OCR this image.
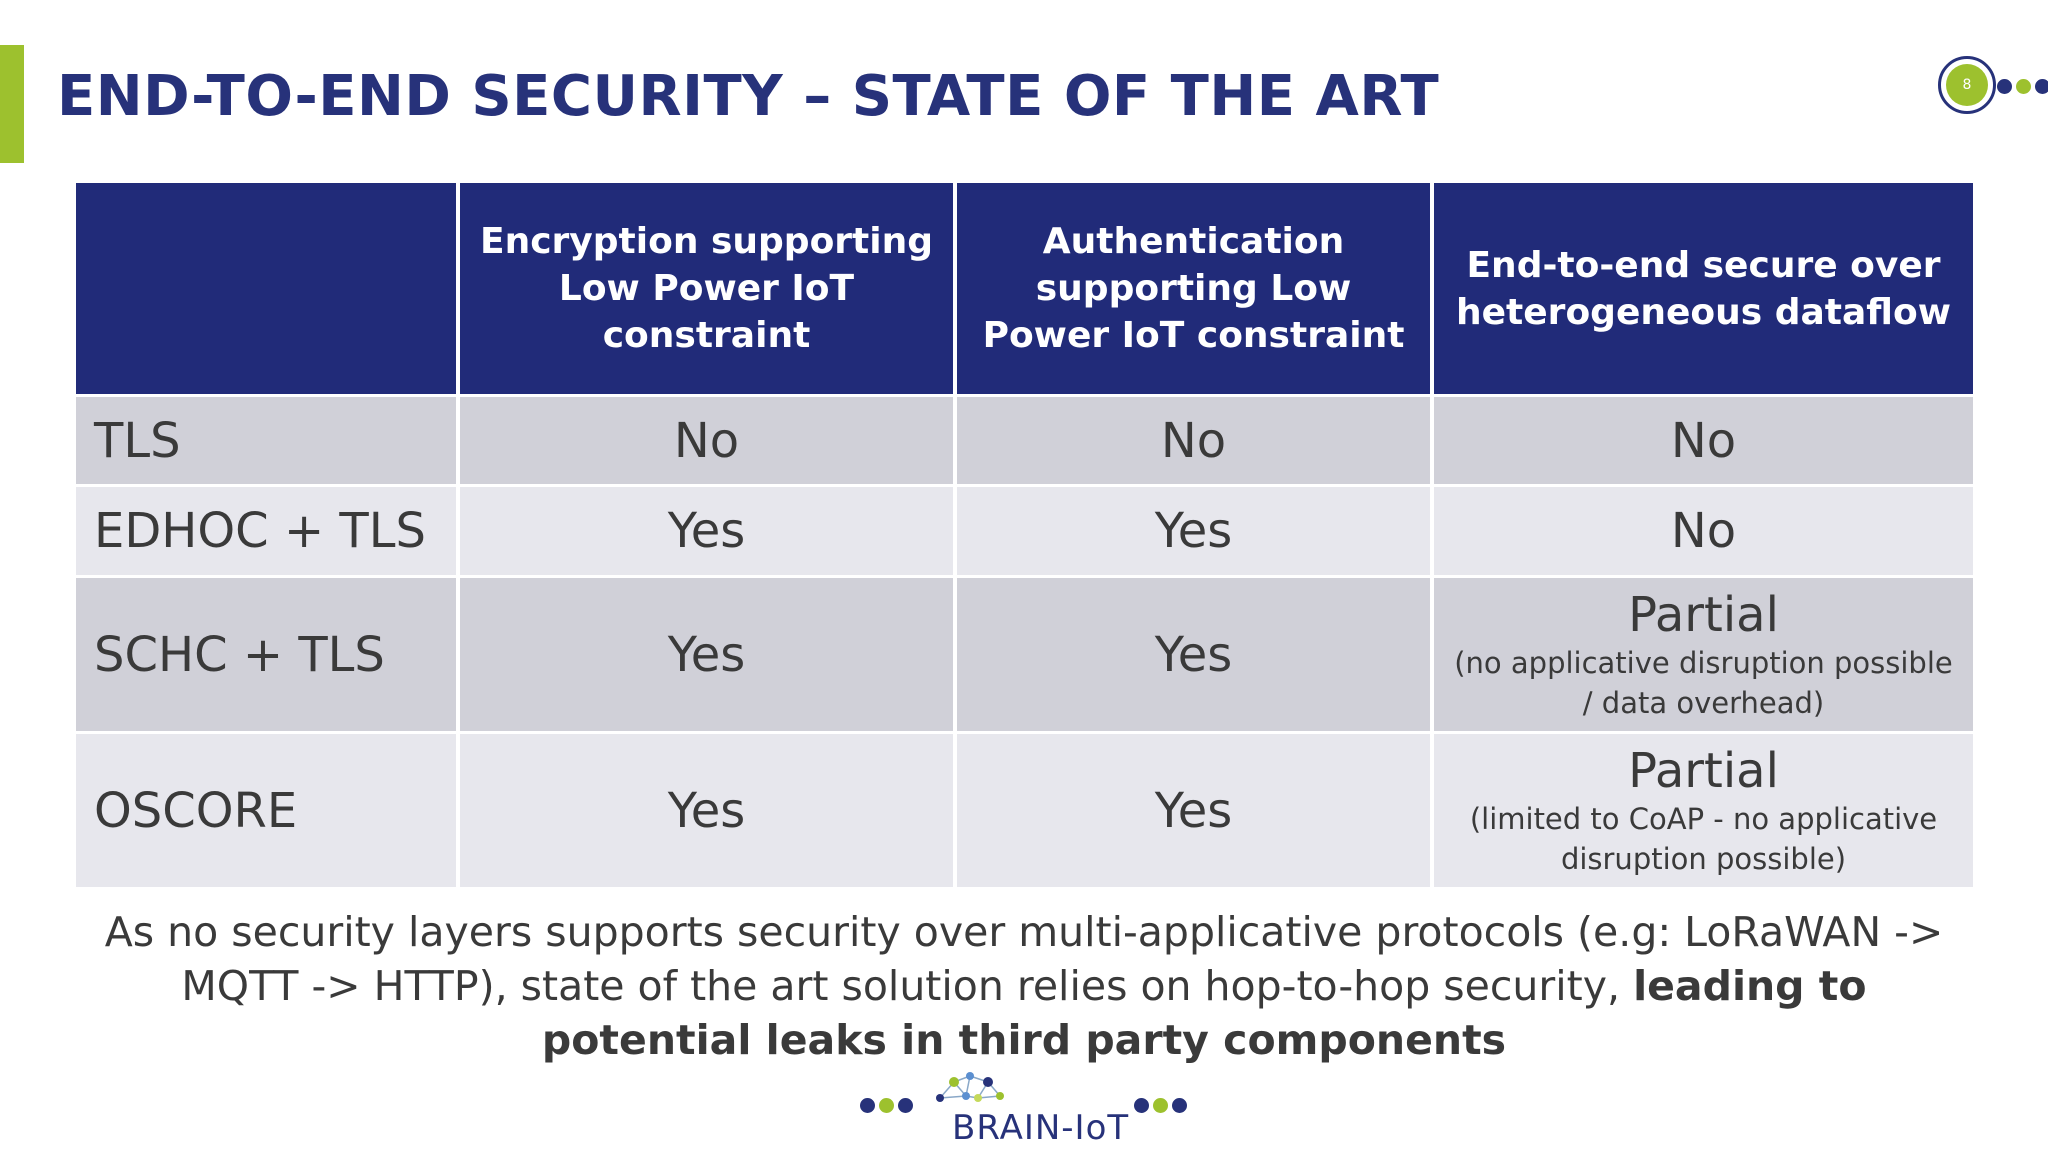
END-TO-END SECURITY – STATE OF THE ART	8
	Encryption supporting Low Power IoT constraint	Authentication supporting Low Power IoT constraint	End-to-end secure over heterogeneous dataflow
TLS	No	No	No
EDHOC + TLS	Yes	Yes	No
SCHC + TLS	Yes	Yes	Partial
(no applicative disruption possible / data overhead)

OSCORE	Yes	Yes	Partial
(limited to CoAP - no applicative disruption possible)

As no security layers supports security over multi-applicative protocols (e.g: LoRaWAN -> MQTT -> HTTP), state of the art solution relies on hop-to-hop security, leading to potential leaks in third party components

BRAIN-IoT
